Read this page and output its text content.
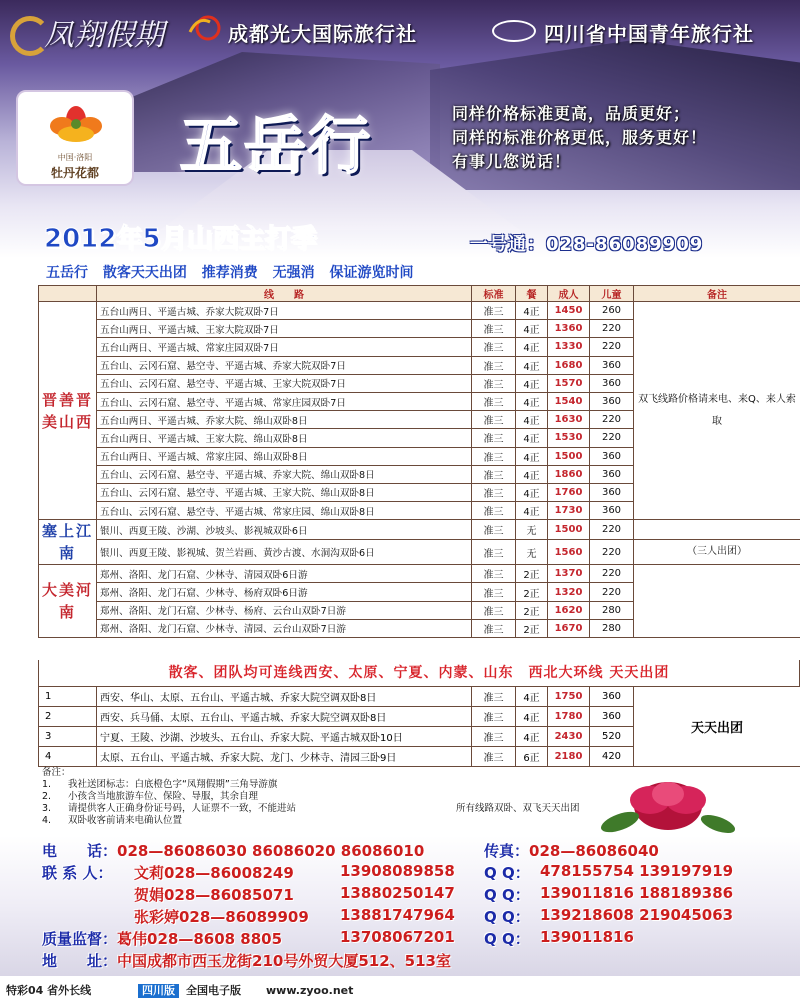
凤翔假期	成都光大国际旅行社	四川省中国青年旅行社
中国·洛阳
牡丹花都	五岳行	同样价格标准更高，品质更好；
同样的标准价格更低，服务更好！
有事儿您说话！
2012年5月山西主打季	一号通：028-86089909
五岳行 散客天天出团 推荐消费 无强消 保证游览时间
	线　　路	标准	餐	成人	儿童	备注
晋善晋美山西	五台山两日、平遥古城、乔家大院双卧7日	准三	4正	1450	260	双飞线路价格请来电、来Q、来人索取
	五台山两日、平遥古城、王家大院双卧7日	准三	4正	1360	220	
	五台山两日、平遥古城、常家庄园双卧7日	准三	4正	1330	220	
	五台山、云冈石窟、悬空寺、平遥古城、乔家大院双卧7日	准三	4正	1680	360	
	五台山、云冈石窟、悬空寺、平遥古城、王家大院双卧7日	准三	4正	1570	360	
	五台山、云冈石窟、悬空寺、平遥古城、常家庄园双卧7日	准三	4正	1540	360	
	五台山两日、平遥古城、乔家大院、绵山双卧8日	准三	4正	1630	220	
	五台山两日、平遥古城、王家大院、绵山双卧8日	准三	4正	1530	220	
	五台山两日、平遥古城、常家庄园、绵山双卧8日	准三	4正	1500	360	
	五台山、云冈石窟、悬空寺、平遥古城、乔家大院、绵山双卧8日	准三	4正	1860	360	
	五台山、云冈石窟、悬空寺、平遥古城、王家大院、绵山双卧8日	准三	4正	1760	360	
	五台山、云冈石窟、悬空寺、平遥古城、常家庄园、绵山双卧8日	准三	4正	1730	360	
塞上江南	银川、西夏王陵、沙湖、沙坡头、影视城双卧6日	准三	无	1500	220	
	银川、西夏王陵、影视城、贺兰岩画、黄沙古渡、水洞沟双卧6日	准三	无	1560	220	（三人出团）
大美河南	郑州、洛阳、龙门石窟、少林寺、清园双卧6日游	准三	2正	1370	220	
	郑州、洛阳、龙门石窟、少林寺、杨府双卧6日游	准三	2正	1320	220	
	郑州、洛阳、龙门石窟、少林寺、杨府、云台山双卧7日游	准三	2正	1620	280	
	郑州、洛阳、龙门石窟、少林寺、清园、云台山双卧7日游	准三	2正	1670	280	
散客、团队均可连线西安、太原、宁夏、内蒙、山东　西北大环线 天天出团
1	西安、华山、太原、五台山、平遥古城、乔家大院空调双卧8日	准三	4正	1750	360	天天出团
2	西安、兵马俑、太原、五台山、平遥古城、乔家大院空调双卧8日	准三	4正	1780	360	
3	宁夏、王陵、沙湖、沙坡头、五台山、乔家大院、平遥古城双卧10日	准三	4正	2430	520	
4	太原、五台山、平遥古城、乔家大院、龙门、少林寺、清园三卧9日	准三	6正	2180	420	
备注：
1. 我社送团标志：白底橙色字“凤翔假期”三角导游旗
2. 小孩含当地旅游车位、保险、导服，其余自理
3. 请提供客人正确身份证号码，人证票不一致，不能进站	所有线路双卧、双飞天天出团
4. 双卧收客前请来电确认位置
电　　话：028—86086030 86086020 86086010	传真：028—86086040
联 系 人： 文莉028—86008249	13908089858 Q Q： 478155754 139197919
贺娟028—86085071	13880250147 Q Q： 139011816 188189386
张彩婷028—86089909 13881747964 Q Q： 139218608 219045063
质量监督：葛伟028—8608 8805	13708067201 Q Q： 139011816
地　　址：中国成都市西玉龙街210号外贸大厦512、513室
特彩04 省外长线	四川版	全国电子版 www.zyoo.net
